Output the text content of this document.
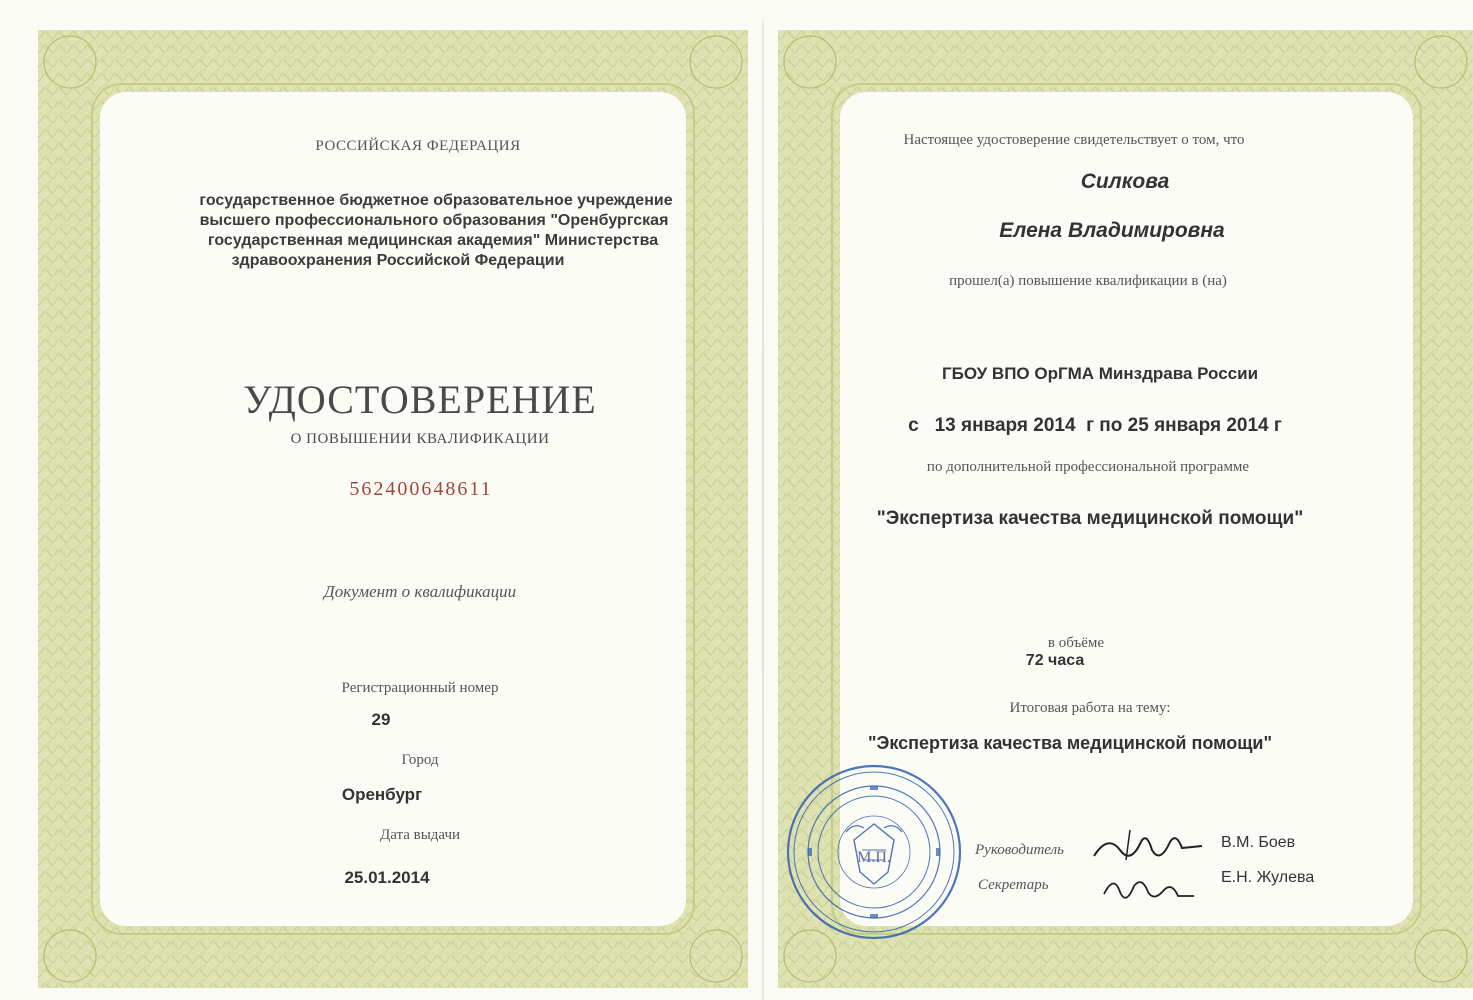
РОССИЙСКАЯ ФЕДЕРАЦИЯ
государственное бюджетное образовательное учреждение
высшего профессионального образования "Оренбургская
государственная медицинская академия" Министерства
здравоохранения Российской Федерации
УДОСТОВЕРЕНИЕ
О ПОВЫШЕНИИ КВАЛИФИКАЦИИ
562400648611
Документ о квалификации
Регистрационный номер
29
Город
Оренбург
Дата выдачи
25.01.2014
Настоящее удостоверение свидетельствует о том, что
Силкова
Елена Владимировна
прошел(а) повышение квалификации в (на)
ГБОУ ВПО ОрГМА Минздрава России
с   13 января 2014  г по 25 января 2014 г
по дополнительной профессиональной программе
"Экспертиза качества медицинской помощи"
в объёме
72 часа
Итоговая работа на тему:
"Экспертиза качества медицинской помощи"
М.П.	Руководитель	В.М. Боев
Секретарь	Е.Н. Жулева
